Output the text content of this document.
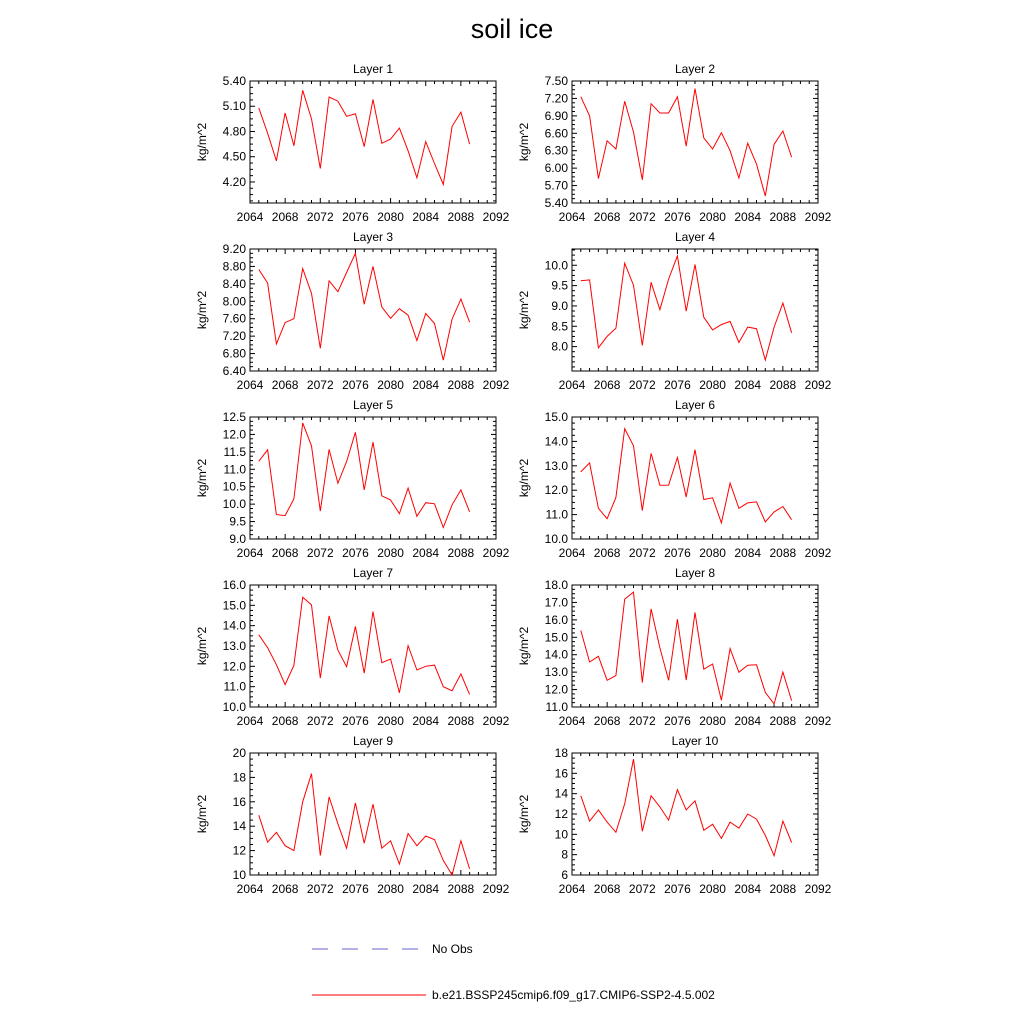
soil ice
2064 2068 2072 2076 2080 2084 2088 2092
4.20
4.50
4.80
5.10
5.40
Layer 1
kg/m^2
2064 2068 2072 2076 2080 2084 2088 2092
5.40
5.70
6.00
6.30
6.60
6.90
7.20
7.50
Layer 2
kg/m^2
2064 2068 2072 2076 2080 2084 2088 2092
6.40
6.80
7.20
7.60
8.00
8.40
8.80
9.20
Layer 3
kg/m^2
2064 2068 2072 2076 2080 2084 2088 2092
8.0
8.5
9.0
9.5
10.0
Layer 4
kg/m^2
2064 2068 2072 2076 2080 2084 2088 2092
9.0
9.5
10.0
10.5
11.0
11.5
12.0
12.5
Layer 5
kg/m^2
2064 2068 2072 2076 2080 2084 2088 2092
10.0
11.0
12.0
13.0
14.0
15.0
Layer 6
kg/m^2
2064 2068 2072 2076 2080 2084 2088 2092
10.0
11.0
12.0
13.0
14.0
15.0
16.0
Layer 7
kg/m^2
2064 2068 2072 2076 2080 2084 2088 2092
11.0
12.0
13.0
14.0
15.0
16.0
17.0
18.0
Layer 8
kg/m^2
2064 2068 2072 2076 2080 2084 2088 2092
10
12
14
16
18
20
Layer 9
kg/m^2
2064 2068 2072 2076 2080 2084 2088 2092
6
8
10
12
14
16
18
Layer 10
kg/m^2
No Obs
b.e21.BSSP245cmip6.f09_g17.CMIP6-SSP2-4.5.002
